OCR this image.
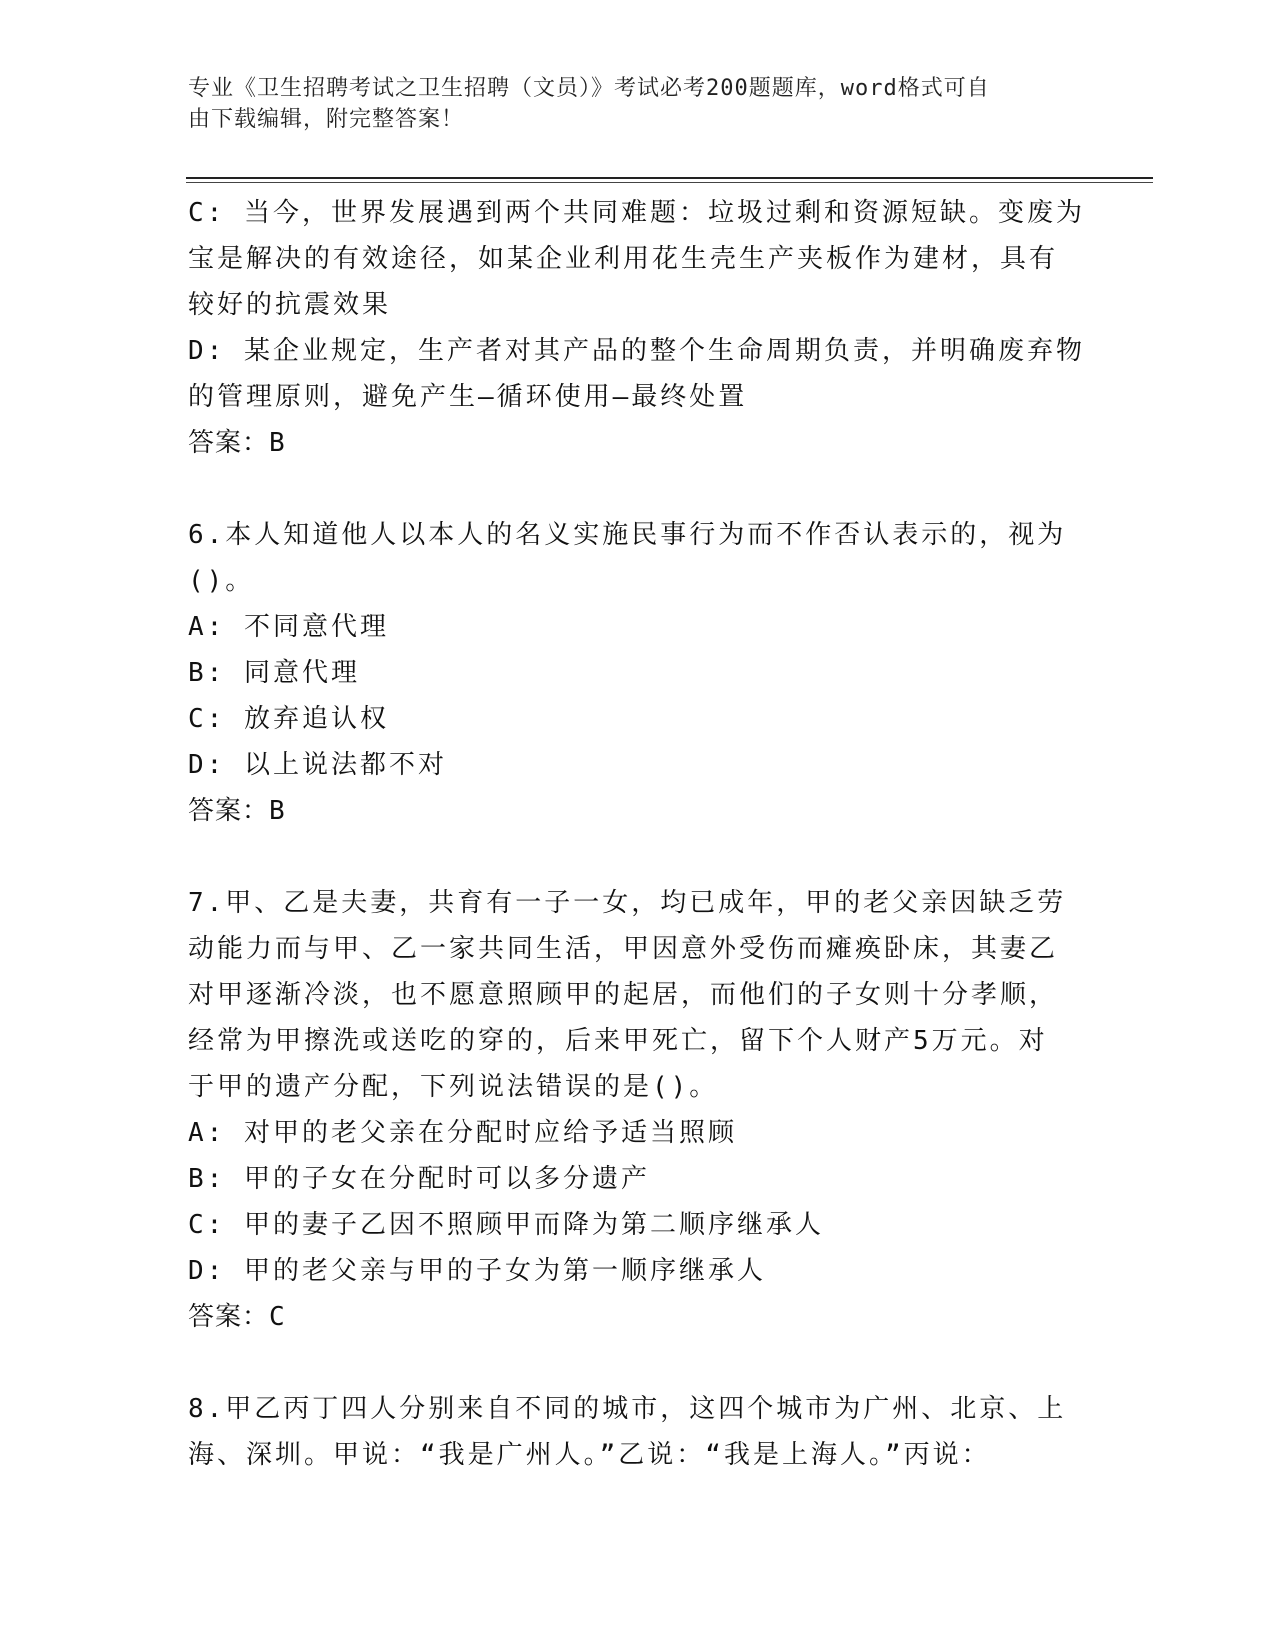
专业《卫生招聘考试之卫生招聘（文员）》考试必考200题题库，word格式可自
由下载编辑，附完整答案！
C: 当今，世界发展遇到两个共同难题：垃圾过剩和资源短缺。变废为
宝是解决的有效途径，如某企业利用花生壳生产夹板作为建材，具有
较好的抗震效果
D: 某企业规定，生产者对其产品的整个生命周期负责，并明确废弃物
的管理原则，避免产生—循环使用—最终处置
答案：B
6.本人知道他人以本人的名义实施民事行为而不作否认表示的，视为
()。
A: 不同意代理
B: 同意代理
C: 放弃追认权
D: 以上说法都不对
答案：B
7.甲、乙是夫妻，共育有一子一女，均已成年，甲的老父亲因缺乏劳
动能力而与甲、乙一家共同生活，甲因意外受伤而瘫痪卧床，其妻乙
对甲逐渐冷淡，也不愿意照顾甲的起居，而他们的子女则十分孝顺，
经常为甲擦洗或送吃的穿的，后来甲死亡，留下个人财产5万元。对
于甲的遗产分配，下列说法错误的是()。
A: 对甲的老父亲在分配时应给予适当照顾
B: 甲的子女在分配时可以多分遗产
C: 甲的妻子乙因不照顾甲而降为第二顺序继承人
D: 甲的老父亲与甲的子女为第一顺序继承人
答案：C
8.甲乙丙丁四人分别来自不同的城市，这四个城市为广州、北京、上
海、深圳。甲说：“我是广州人。”乙说：“我是上海人。”丙说：
